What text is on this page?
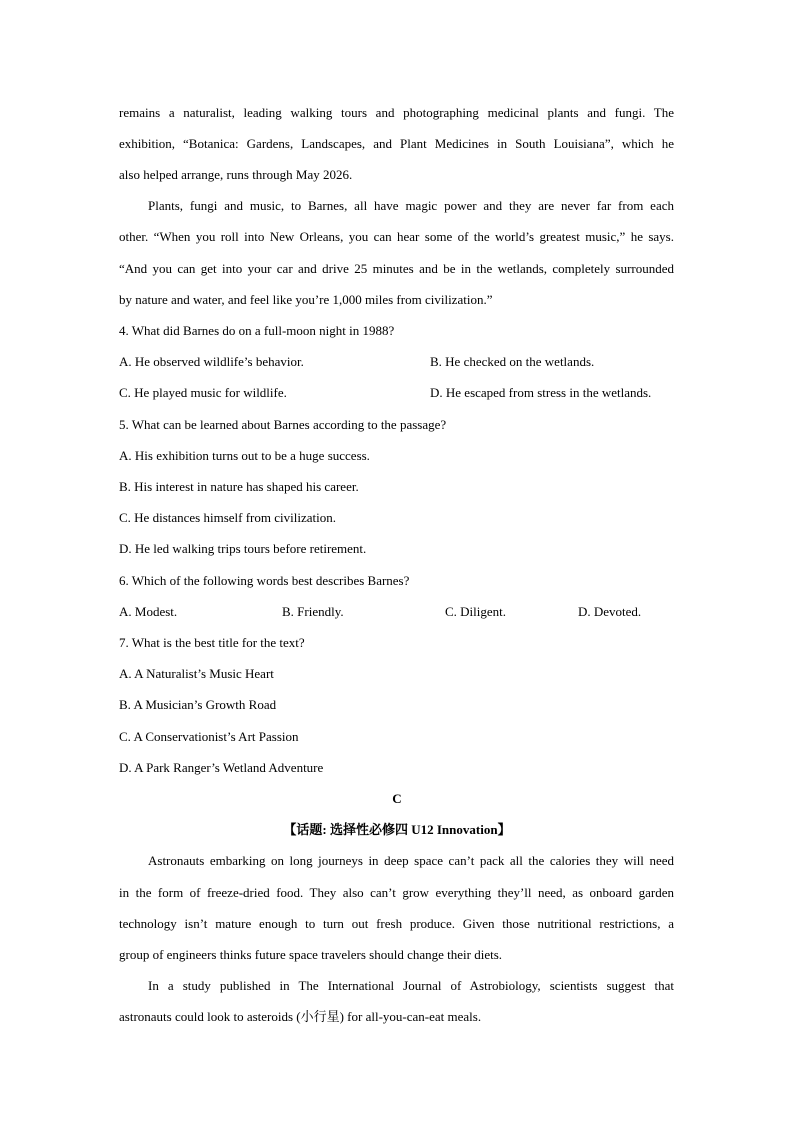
remains a naturalist, leading walking tours and photographing medicinal plants and fungi. The
exhibition, “Botanica: Gardens, Landscapes, and Plant Medicines in South Louisiana”, which he
also helped arrange, runs through May 2026.
Plants, fungi and music, to Barnes, all have magic power and they are never far from each
other. “When you roll into New Orleans, you can hear some of the world’s greatest music,” he says.
“And you can get into your car and drive 25 minutes and be in the wetlands, completely surrounded
by nature and water, and feel like you’re 1,000 miles from civilization.”
4. What did Barnes do on a full-moon night in 1988?
A. He observed wildlife’s behavior.	B. He checked on the wetlands.
C. He played music for wildlife.	D. He escaped from stress in the wetlands.
5. What can be learned about Barnes according to the passage?
A. His exhibition turns out to be a huge success.
B. His interest in nature has shaped his career.
C. He distances himself from civilization.
D. He led walking trips tours before retirement.
6. Which of the following words best describes Barnes?
A. Modest.	B. Friendly.	C. Diligent.	D. Devoted.
7. What is the best title for the text?
A. A Naturalist’s Music Heart
B. A Musician’s Growth Road
C. A Conservationist’s Art Passion
D. A Park Ranger’s Wetland Adventure
C
【话题: 选择性必修四 U12 Innovation】
Astronauts embarking on long journeys in deep space can’t pack all the calories they will need
in the form of freeze-dried food. They also can’t grow everything they’ll need, as onboard garden
technology isn’t mature enough to turn out fresh produce. Given those nutritional restrictions, a
group of engineers thinks future space travelers should change their diets.
In a study published in The International Journal of Astrobiology, scientists suggest that
astronauts could look to asteroids (小行星) for all-you-can-eat meals.
